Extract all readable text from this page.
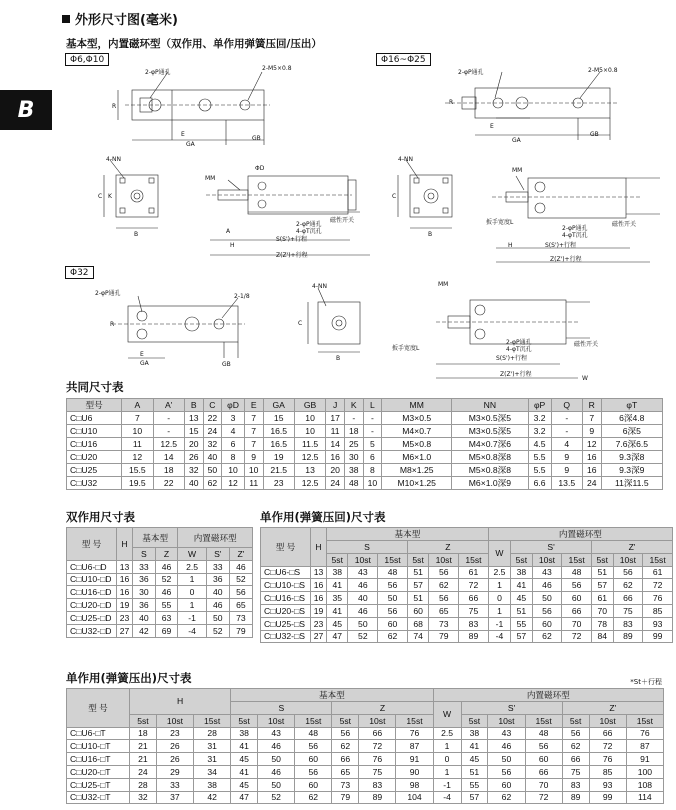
外形尺寸图(毫米)
基本型，内置磁环型（双作用、单作用弹簧压回/压出）
B
Φ6,Φ10	Φ16~Φ25
Φ32
2-φP通孔
2-M5×0.8
E
GA
GB
R
2-φP通孔	2-M5×0.8
E
GA
GB
R
4-NN
B
C K
MM
ΦD
A
H
2-φP通孔
4-φT沉孔
S(S')+行程
Z(Z')+行程
磁性开关
4-NN
B
C
MM
扳手宽度L
2-φP通孔
4-φT沉孔
S(S')+行程
Z(Z')+行程
磁性开关
H
2-φP通孔	2-1/8
E
GA	GB
R
4-NN
B
C
MM
扳手宽度L
2-φP通孔
4-φT沉孔
S(S')+行程
Z(Z')+行程
磁性开关
W
共同尺寸表
型号	A	A'	B	C	φD	E	GA	GB	J	K	L	MM	NN	φP	Q	R	φT
C□U6	7	-	13	22	3	7	15	10	17	-	-	M3×0.5	M3×0.5深5	3.2	-	7	6深4.8
C□U10	10	-	15	24	4	7	16.5	10	11	18	-	M4×0.7	M3×0.5深5	3.2	-	9	6深5
C□U16	11	12.5	20	32	6	7	16.5	11.5	14	25	5	M5×0.8	M4×0.7深6	4.5	4	12	7.6深6.5
C□U20	12	14	26	40	8	9	19	12.5	16	30	6	M6×1.0	M5×0.8深8	5.5	9	16	9.3深8
C□U25	15.5	18	32	50	10	10	21.5	13	20	38	8	M8×1.25	M5×0.8深8	5.5	9	16	9.3深9
C□U32	19.5	22	40	62	12	11	23	12.5	24	48	10	M10×1.25	M6×1.0深9	6.6	13.5	24	11深11.5
双作用尺寸表
型 号	H	基本型		内置磁环型		
		S	Z	W	S'	Z'
C□U6-□D	13	33	46	2.5	33	46
C□U10-□D	16	36	52	1	36	52
C□U16-□D	16	30	46	0	40	56
C□U20-□D	19	36	55	1	46	65
C□U25-□D	23	40	63	-1	50	73
C□U32-□D	27	42	69	-4	52	79
单作用(弹簧压回)尺寸表
型 号	H	基本型						内置磁环型						
		S			Z			W	S'			Z'		
		5st	10st	15st	5st	10st	15st		5st	10st	15st	5st	10st	15st
C□U6-□S	13	38	43	48	51	56	61	2.5	38	43	48	51	56	61
C□U10-□S	16	41	46	56	57	62	72	1	41	46	56	57	62	72
C□U16-□S	16	35	40	50	51	56	66	0	45	50	60	61	66	76
C□U20-□S	19	41	46	56	60	65	75	1	51	56	66	70	75	85
C□U25-□S	23	45	50	60	68	73	83	-1	55	60	70	78	83	93
C□U32-□S	27	47	52	62	74	79	89	-4	57	62	72	84	89	99
单作用(弹簧压出)尺寸表	*St＋行程
型 号	H			基本型						内置磁环型						
				S			Z			W	S'			Z'		
	5st	10st	15st	5st	10st	15st	5st	10st	15st		5st	10st	15st	5st	10st	15st
C□U6-□T	18	23	28	38	43	48	56	66	76	2.5	38	43	48	56	66	76
C□U10-□T	21	26	31	41	46	56	62	72	87	1	41	46	56	62	72	87
C□U16-□T	21	26	31	45	50	60	66	76	91	0	45	50	60	66	76	91
C□U20-□T	24	29	34	41	46	56	65	75	90	1	51	56	66	75	85	100
C□U25-□T	28	33	38	45	50	60	73	83	98	-1	55	60	70	83	93	108
C□U32-□T	32	37	42	47	52	62	79	89	104	-4	57	62	72	89	99	114
